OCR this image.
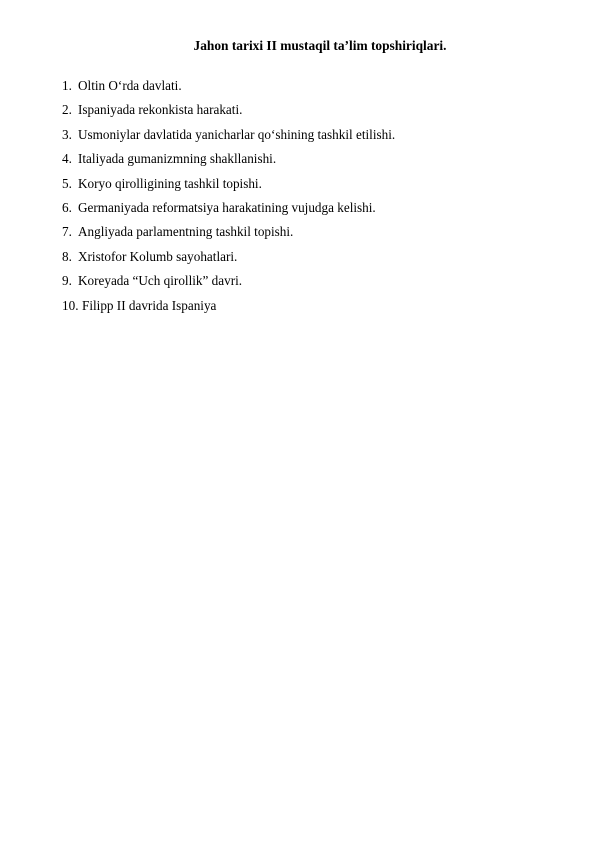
Jahon tarixi II mustaqil ta’lim topshiriqlari.
1. Oltin O‘rda davlati.
2. Ispaniyada rekonkista harakati.
3. Usmoniylar davlatida yanicharlar qo‘shining tashkil etilishi.
4. Italiyada gumanizmning shakllanishi.
5. Koryo qirolligining tashkil topishi.
6. Germaniyada reformatsiya harakatining vujudga kelishi.
7. Angliyada parlamentning tashkil topishi.
8. Xristofor Kolumb sayohatlari.
9. Koreyada “Uch qirollik” davri.
10. Filipp II davrida Ispaniya
